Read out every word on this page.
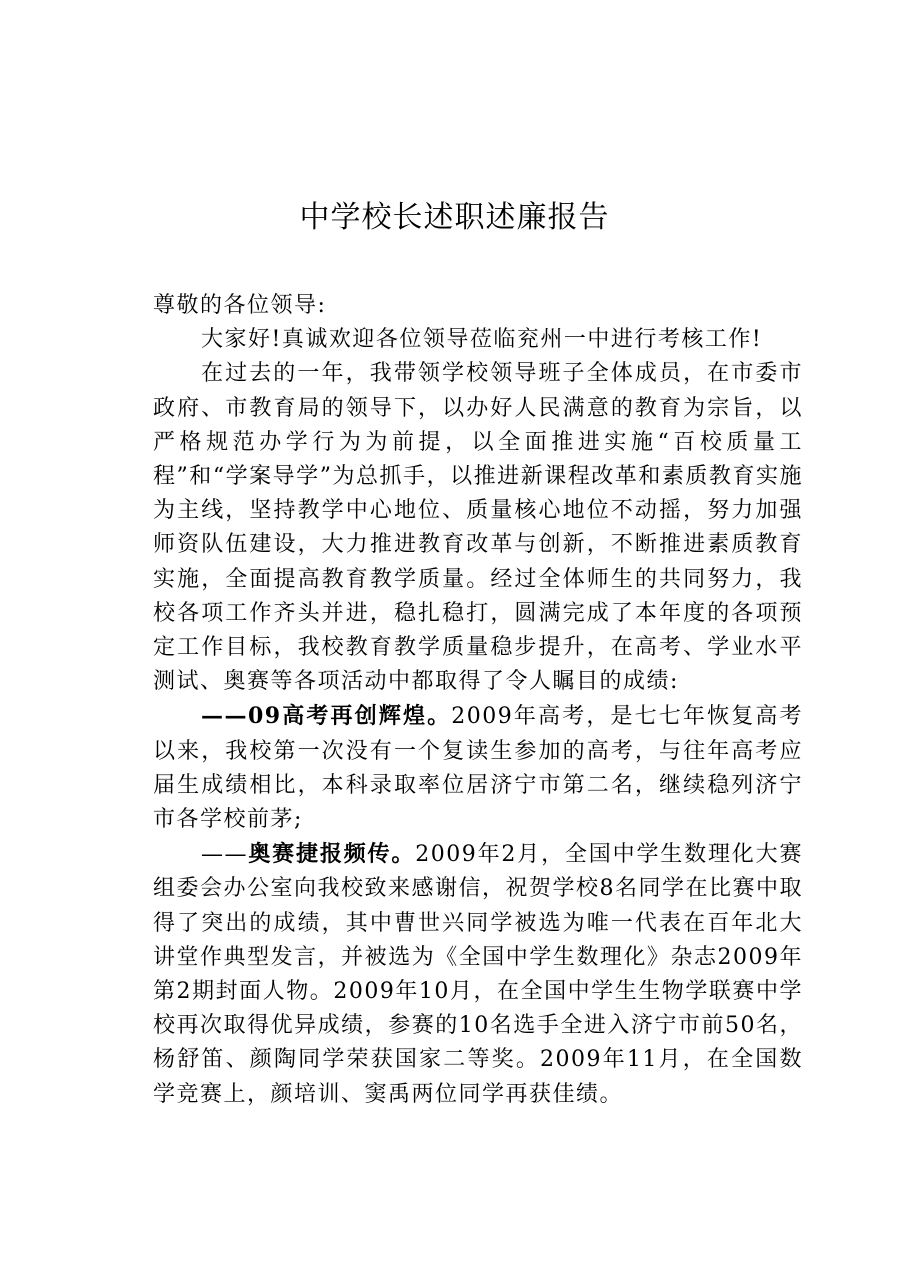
中学校长述职述廉报告

尊敬的各位领导:

大家好!真诚欢迎各位领导莅临兖州一中进行考核工作!

在过去的一年，我带领学校领导班子全体成员，在市委市政府、市教育局的领导下，以办好人民满意的教育为宗旨，以严格规范办学行为为前提，以全面推进实施“百校质量工程”和“学案导学”为总抓手，以推进新课程改革和素质教育实施为主线，坚持教学中心地位、质量核心地位不动摇，努力加强师资队伍建设，大力推进教育改革与创新，不断推进素质教育实施，全面提高教育教学质量。经过全体师生的共同努力，我校各项工作齐头并进，稳扎稳打，圆满完成了本年度的各项预定工作目标，我校教育教学质量稳步提升，在高考、学业水平测试、奥赛等各项活动中都取得了令人瞩目的成绩:

——09高考再创辉煌。2009年高考，是七七年恢复高考以来，我校第一次没有一个复读生参加的高考，与往年高考应届生成绩相比，本科录取率位居济宁市第二名，继续稳列济宁市各学校前茅;

——奥赛捷报频传。2009年2月，全国中学生数理化大赛组委会办公室向我校致来感谢信，祝贺学校8名同学在比赛中取得了突出的成绩，其中曹世兴同学被选为唯一代表在百年北大讲堂作典型发言，并被选为《全国中学生数理化》杂志2009年第2期封面人物。2009年10月，在全国中学生生物学联赛中学校再次取得优异成绩，参赛的10名选手全进入济宁市前50名，杨舒笛、颜陶同学荣获国家二等奖。2009年11月，在全国数学竞赛上，颜培训、窦禹两位同学再获佳绩。
